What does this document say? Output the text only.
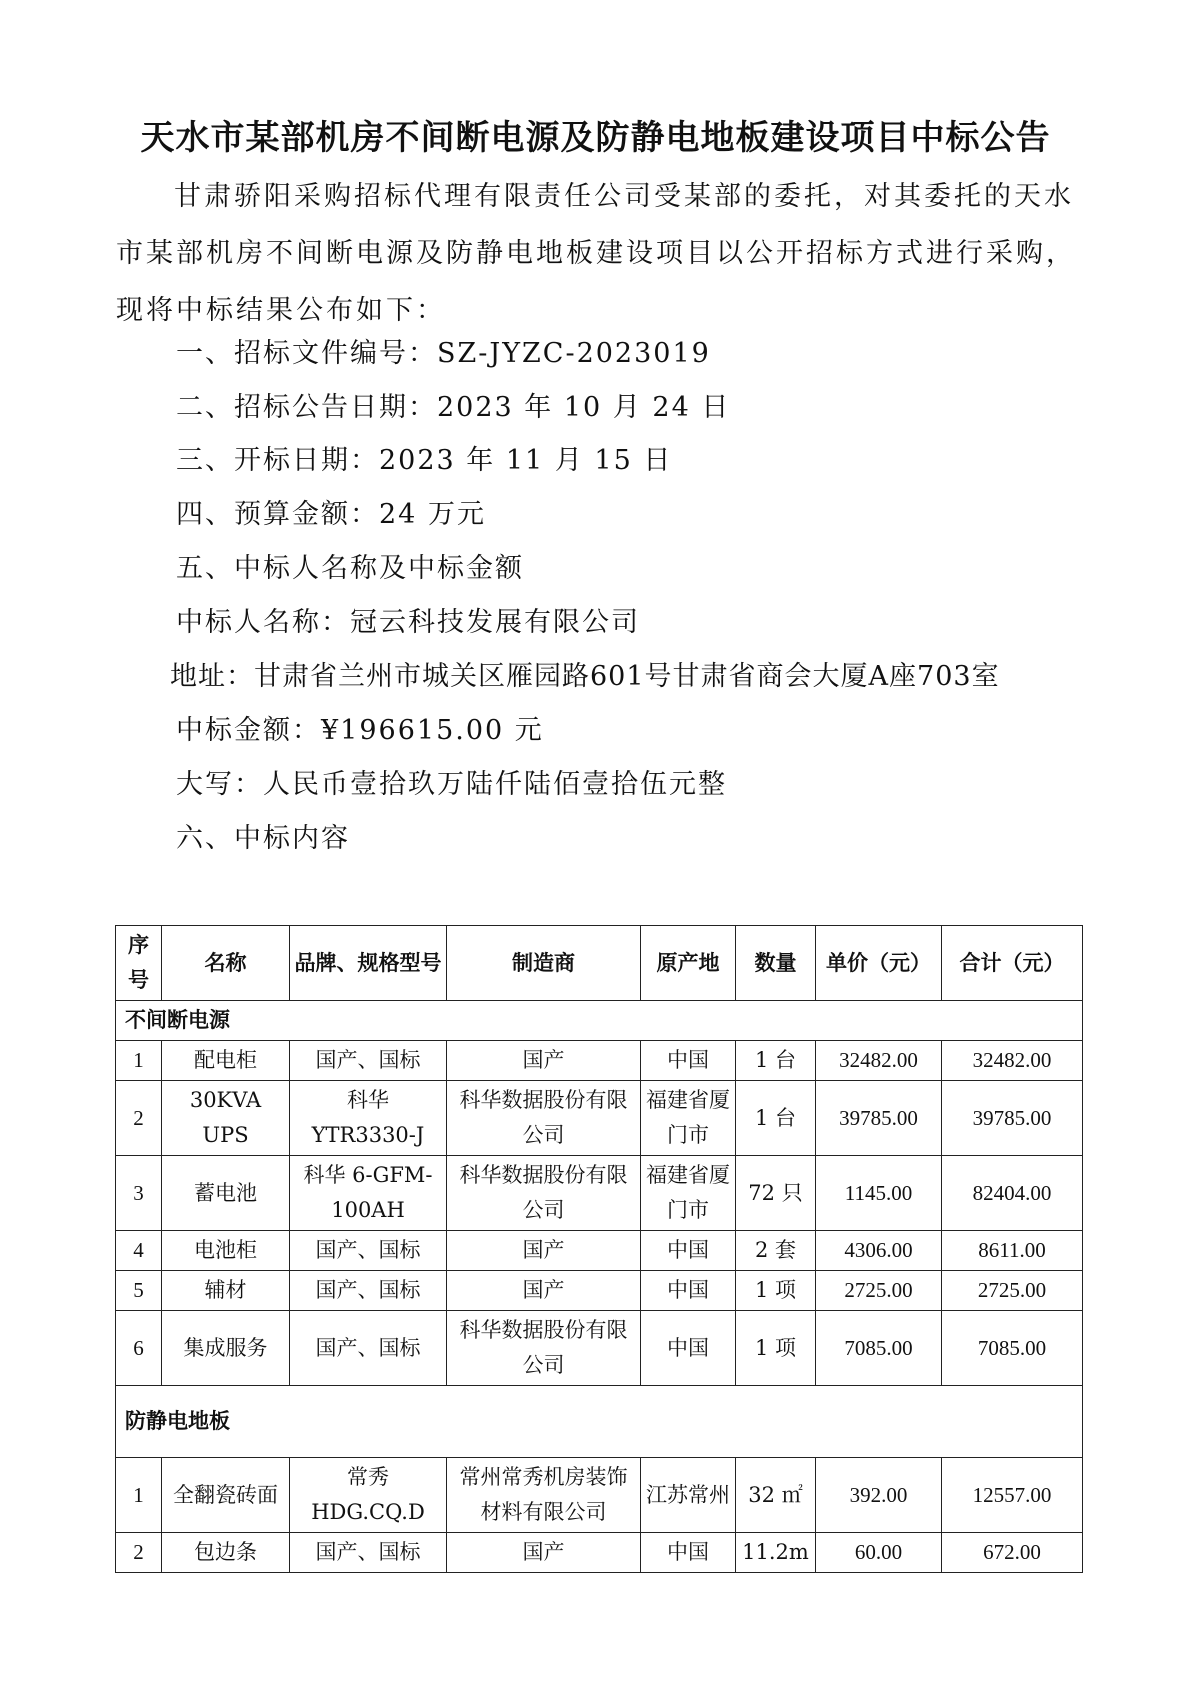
天水市某部机房不间断电源及防静电地板建设项目中标公告

甘肃骄阳采购招标代理有限责任公司受某部的委托，对其委托的天水市某部机房不间断电源及防静电地板建设项目以公开招标方式进行采购，现将中标结果公布如下：

一、招标文件编号：SZ-JYZC-2023019

二、招标公告日期：2023 年 10 月 24 日

三、开标日期：2023 年 11 月 15 日

四、预算金额：24 万元

五、中标人名称及中标金额

中标人名称：冠云科技发展有限公司

地址：甘肃省兰州市城关区雁园路601号甘肃省商会大厦A座703室

中标金额：¥196615.00 元

大写：人民币壹拾玖万陆仟陆佰壹拾伍元整

六、中标内容

序号	名称	品牌、规格型号	制造商	原产地	数量	单价（元）	合计（元）
不间断电源							
1	配电柜	国产、国标	国产	中国	1 台	32482.00	32482.00
2	30KVA UPS	科华 YTR3330-J	科华数据股份有限公司	福建省厦门市	1 台	39785.00	39785.00
3	蓄电池	科华 6-GFM-100AH	科华数据股份有限公司	福建省厦门市	72 只	1145.00	82404.00
4	电池柜	国产、国标	国产	中国	2 套	4306.00	8611.00
5	辅材	国产、国标	国产	中国	1 项	2725.00	2725.00
6	集成服务	国产、国标	科华数据股份有限公司	中国	1 项	7085.00	7085.00
防静电地板							
1	全翻瓷砖面	常秀 HDG.CQ.D	常州常秀机房装饰材料有限公司	江苏常州	32 ㎡	392.00	12557.00
2	包边条	国产、国标	国产	中国	11.2m	60.00	672.00
